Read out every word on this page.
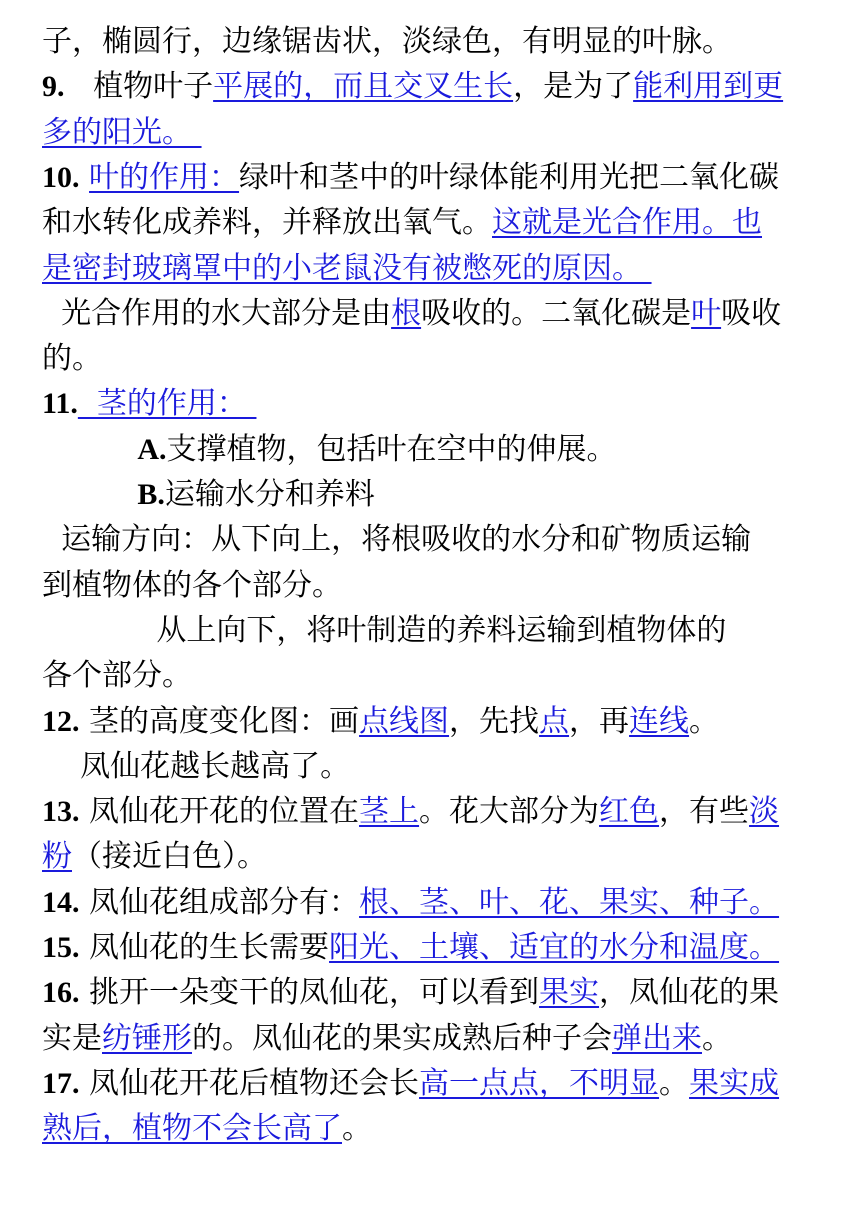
子，椭圆行，边缘锯齿状，淡绿色，有明显的叶脉。
9.   植物叶子平展的，而且交叉生长，是为了能利用到更
多的阳光。
10. 叶的作用：绿叶和茎中的叶绿体能利用光把二氧化碳
和水转化成养料，并释放出氧气。这就是光合作用。也
是密封玻璃罩中的小老鼠没有被憋死的原因。
光合作用的水大部分是由根吸收的。二氧化碳是叶吸收
的。
11.  茎的作用：
A.支撑植物，包括叶在空中的伸展。
B.运输水分和养料
运输方向：从下向上，将根吸收的水分和矿物质运输
到植物体的各个部分。
从上向下，将叶制造的养料运输到植物体的
各个部分。
12. 茎的高度变化图：画点线图，先找点，再连线。
凤仙花越长越高了。
13. 凤仙花开花的位置在茎上。花大部分为红色，有些淡
粉（接近白色）。
14. 凤仙花组成部分有：根、茎、叶、花、果实、种子。
15. 凤仙花的生长需要阳光、土壤、适宜的水分和温度。
16. 挑开一朵变干的凤仙花，可以看到果实，凤仙花的果
实是纺锤形的。凤仙花的果实成熟后种子会弹出来。
17. 凤仙花开花后植物还会长高一点点，不明显。果实成
熟后，植物不会长高了。
